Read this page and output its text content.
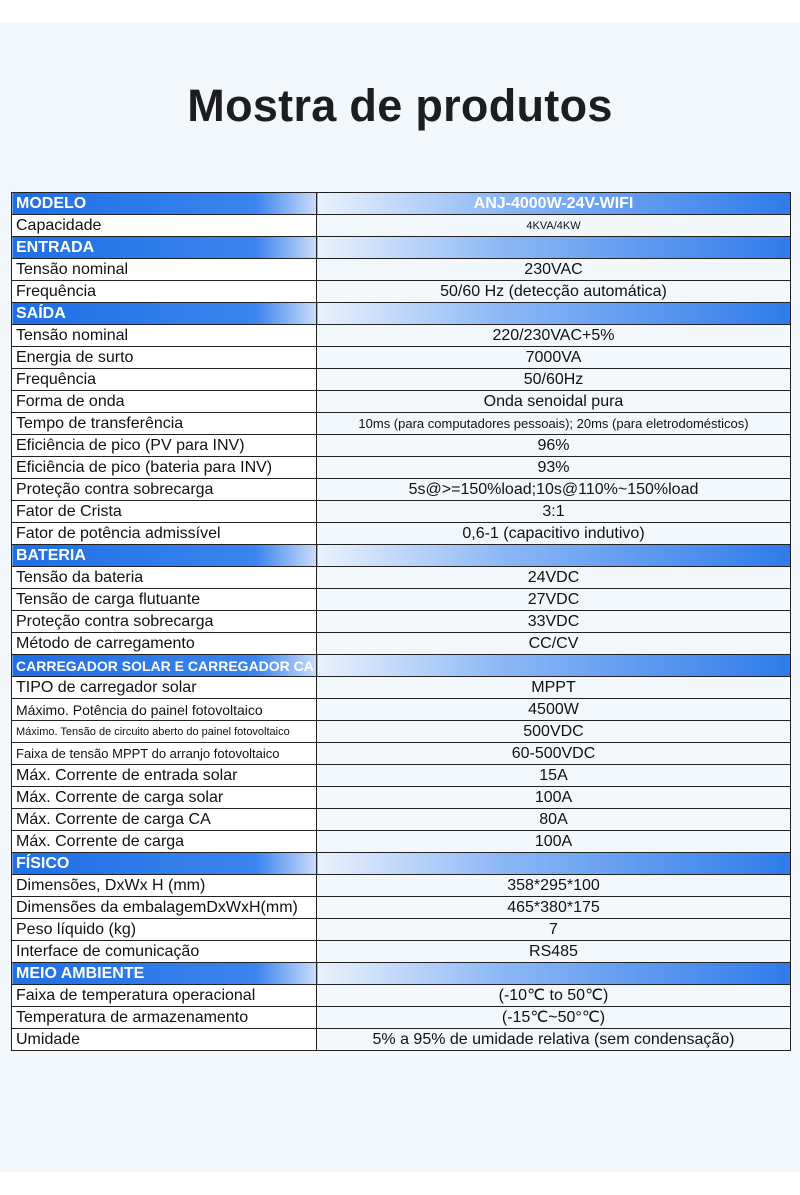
Mostra de produtos
MODELO	ANJ-4000W-24V-WIFI
Capacidade	4KVA/4KW
ENTRADA	
Tensão nominal	230VAC
Frequência	50/60 Hz (detecção automática)
SAÍDA	
Tensão nominal	220/230VAC+5%
Energia de surto	7000VA
Frequência	50/60Hz
Forma de onda	Onda senoidal pura
Tempo de transferência	10ms (para computadores pessoais); 20ms (para eletrodomésticos)
Eficiência de pico (PV para INV)	96%
Eficiência de pico (bateria para INV)	93%
Proteção contra sobrecarga	5s@>=150%load;10s@110%~150%load
Fator de Crista	3:1
Fator de potência admissível	0,6-1 (capacitivo indutivo)
BATERIA	
Tensão da bateria	24VDC
Tensão de carga flutuante	27VDC
Proteção contra sobrecarga	33VDC
Método de carregamento	CC/CV
CARREGADOR SOLAR E CARREGADOR CA	
TIPO de carregador solar	MPPT
Máximo. Potência do painel fotovoltaico	4500W
Máximo. Tensão de circuito aberto do painel fotovoltaico	500VDC
Faixa de tensão MPPT do arranjo fotovoltaico	60-500VDC
Máx. Corrente de entrada solar	15A
Máx. Corrente de carga solar	100A
Máx. Corrente de carga CA	80A
Máx. Corrente de carga	100A
FÍSICO	
Dimensões, DxWx H (mm)	358*295*100
Dimensões da embalagemDxWxH(mm)	465*380*175
Peso líquido (kg)	7
Interface de comunicação	RS485
MEIO AMBIENTE	
Faixa de temperatura operacional	(-10℃ to 50℃)
Temperatura de armazenamento	(-15℃~50°℃)
Umidade	5% a 95% de umidade relativa (sem condensação)
